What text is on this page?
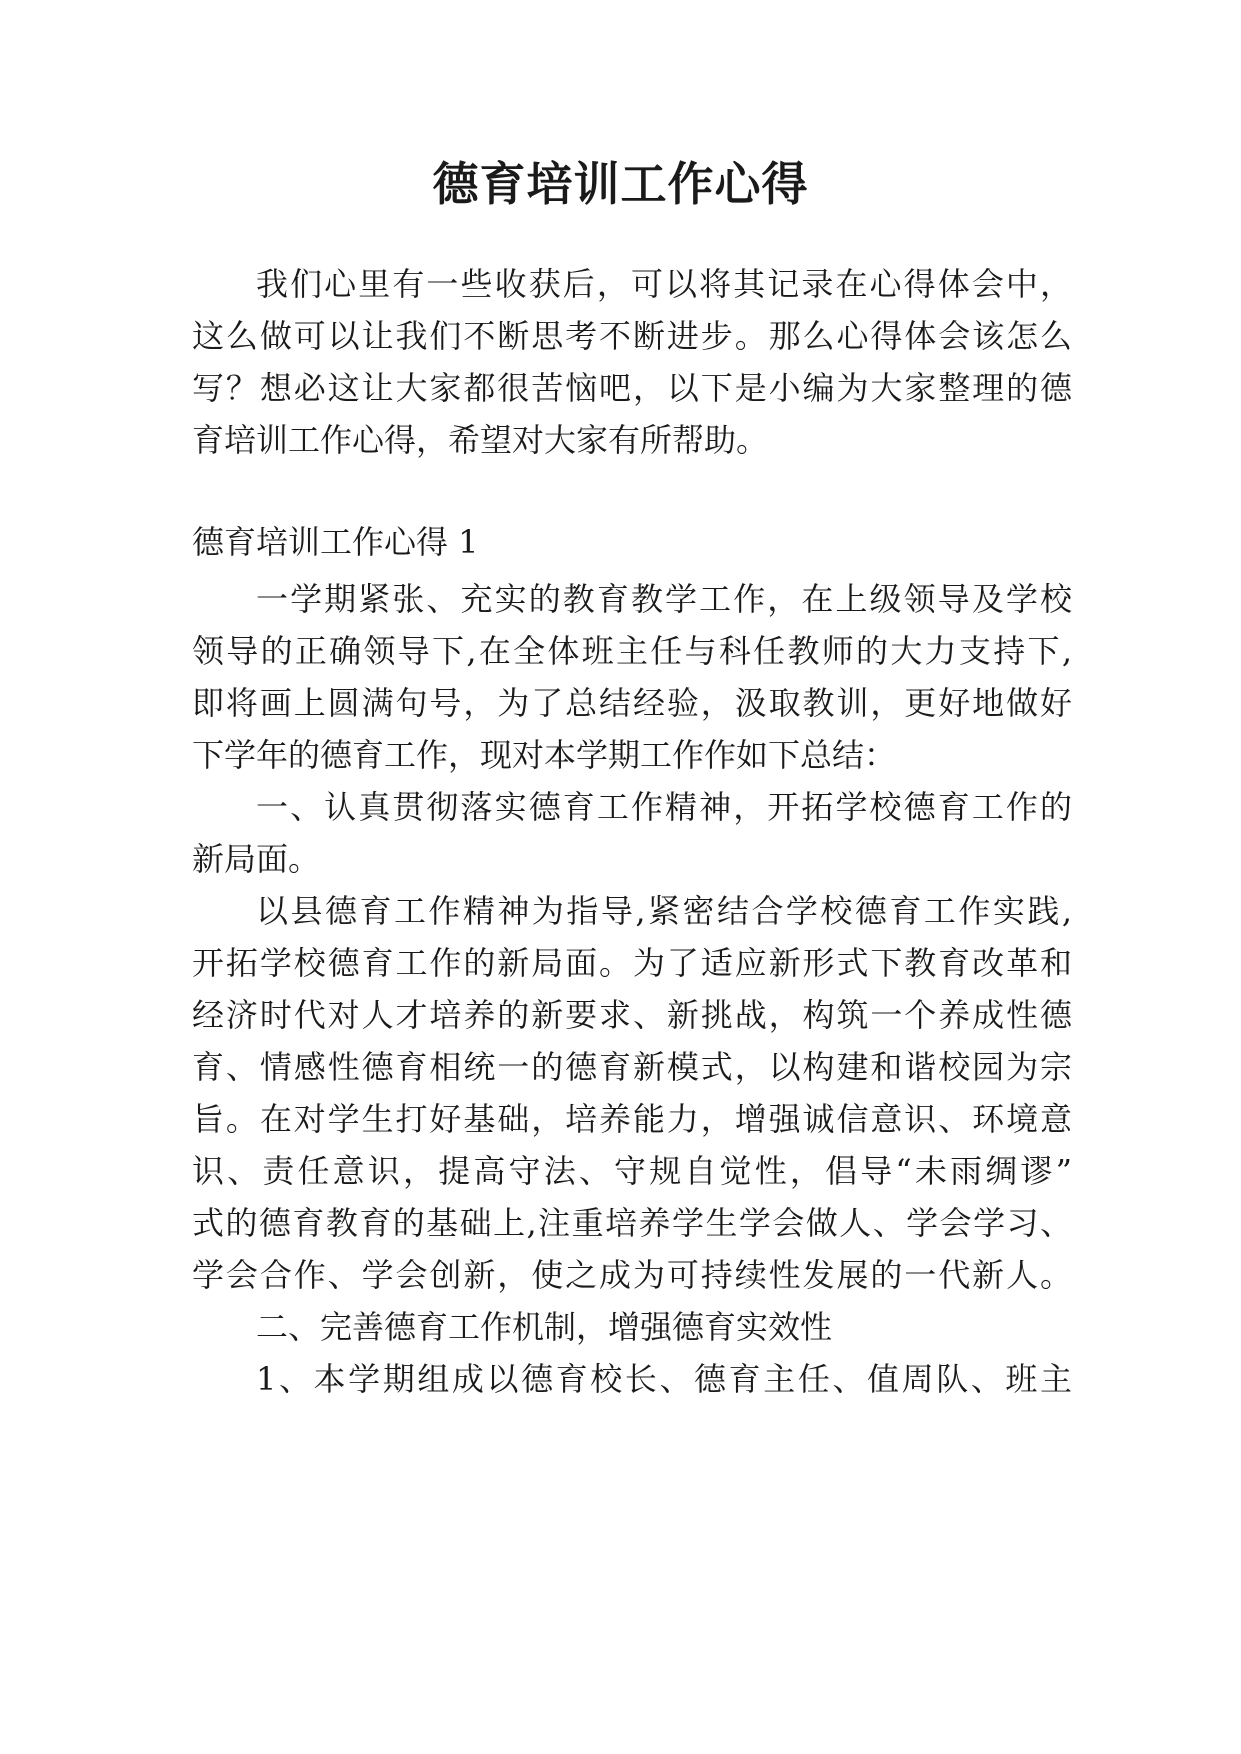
德育培训工作心得
我们心里有一些收获后，可以将其记录在心得体会中，
这么做可以让我们不断思考不断进步。那么心得体会该怎么
写？想必这让大家都很苦恼吧，以下是小编为大家整理的德
育培训工作心得，希望对大家有所帮助。
德育培训工作心得 1
一学期紧张、充实的教育教学工作，在上级领导及学校
领导的正确领导下,在全体班主任与科任教师的大力支持下,
即将画上圆满句号，为了总结经验，汲取教训，更好地做好
下学年的德育工作，现对本学期工作作如下总结：
一、认真贯彻落实德育工作精神，开拓学校德育工作的
新局面。
以县德育工作精神为指导,紧密结合学校德育工作实践,
开拓学校德育工作的新局面。为了适应新形式下教育改革和
经济时代对人才培养的新要求、新挑战，构筑一个养成性德
育、情感性德育相统一的德育新模式，以构建和谐校园为宗
旨。在对学生打好基础，培养能力，增强诚信意识、环境意
识、责任意识，提高守法、守规自觉性，倡导“未雨绸谬”
式的德育教育的基础上,注重培养学生学会做人、学会学习、
学会合作、学会创新，使之成为可持续性发展的一代新人。
二、完善德育工作机制，增强德育实效性
1、本学期组成以德育校长、德育主任、值周队、班主
